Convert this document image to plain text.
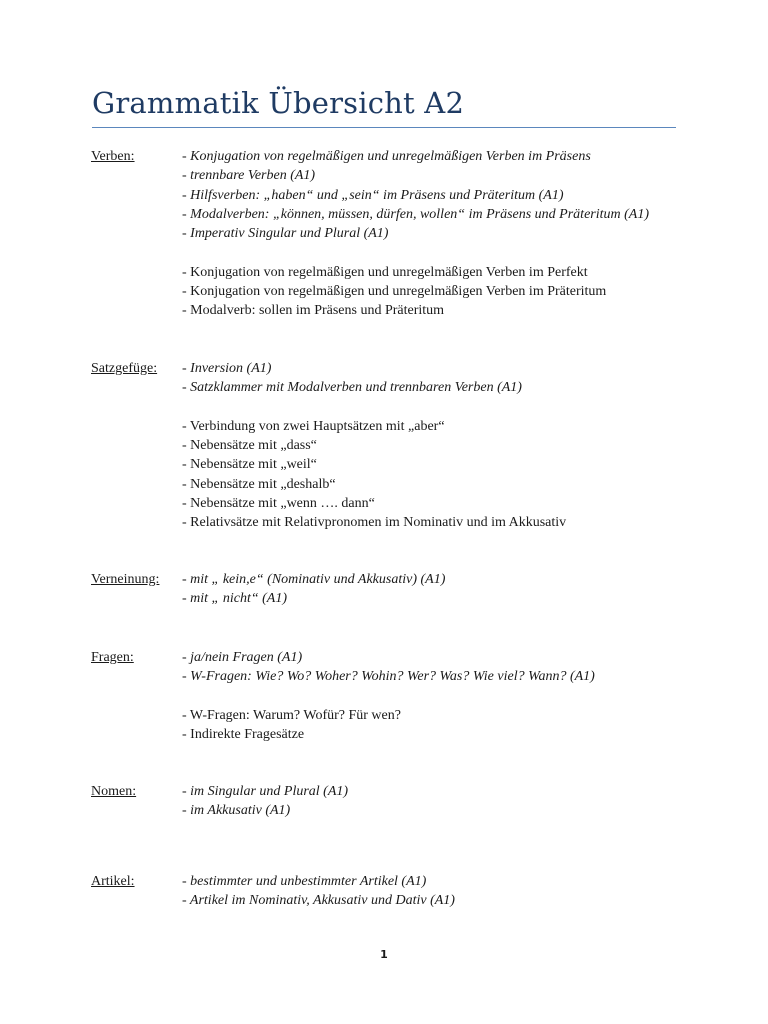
Grammatik Übersicht A2
Verben:	- Konjugation von regelmäßigen und unregelmäßigen Verben im Präsens
- trennbare Verben (A1)
- Hilfsverben: „haben“ und „sein“ im Präsens und Präteritum (A1)
- Modalverben: „können, müssen, dürfen, wollen“ im Präsens und Präteritum (A1)
- Imperativ Singular und Plural (A1)
- Konjugation von regelmäßigen und unregelmäßigen Verben im Perfekt
- Konjugation von regelmäßigen und unregelmäßigen Verben im Präteritum
- Modalverb: sollen im Präsens und Präteritum
Satzgefüge: - Inversion (A1)
- Satzklammer mit Modalverben und trennbaren Verben (A1)
- Verbindung von zwei Hauptsätzen mit „aber“
- Nebensätze mit „dass“
- Nebensätze mit „weil“
- Nebensätze mit „deshalb“
- Nebensätze mit „wenn …. dann“
- Relativsätze mit Relativpronomen im Nominativ und im Akkusativ
Verneinung: - mit „ kein,e“ (Nominativ und Akkusativ) (A1)
- mit „ nicht“ (A1)
Fragen:	- ja/nein Fragen (A1)
- W-Fragen: Wie? Wo? Woher? Wohin? Wer? Was? Wie viel? Wann? (A1)
- W-Fragen: Warum? Wofür? Für wen?
- Indirekte Fragesätze
Nomen:	- im Singular und Plural (A1)
- im Akkusativ (A1)
Artikel:	- bestimmter und unbestimmter Artikel (A1)
- Artikel im Nominativ, Akkusativ und Dativ (A1)
1
